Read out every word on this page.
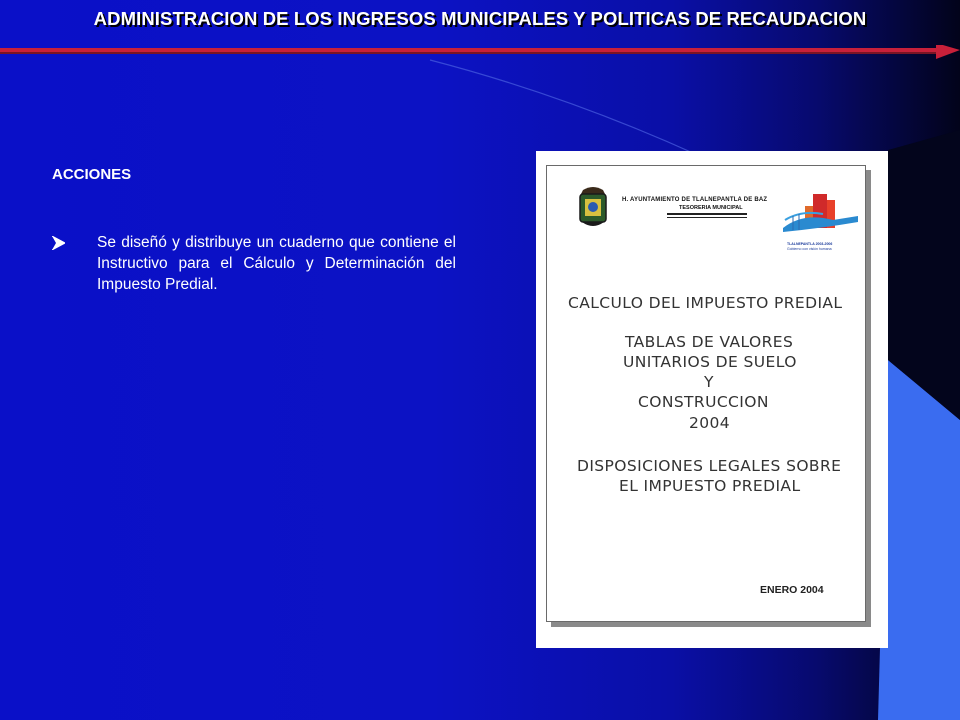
ADMINISTRACION DE LOS INGRESOS MUNICIPALES Y POLITICAS DE RECAUDACION
ACCIONES
Se diseñó y distribuye un cuaderno que contiene el Instructivo para el Cálculo y Determinación del Impuesto Predial.
H. AYUNTAMIENTO DE TLALNEPANTLA DE BAZ
TESORERIA MUNICIPAL
TLALNEPANTLA 2003-2006
Gobierno con visión humana
CALCULO DEL IMPUESTO PREDIAL
TABLAS DE VALORES
UNITARIOS DE SUELO
Y
CONSTRUCCION
2004
DISPOSICIONES LEGALES SOBRE
EL IMPUESTO PREDIAL
ENERO 2004
